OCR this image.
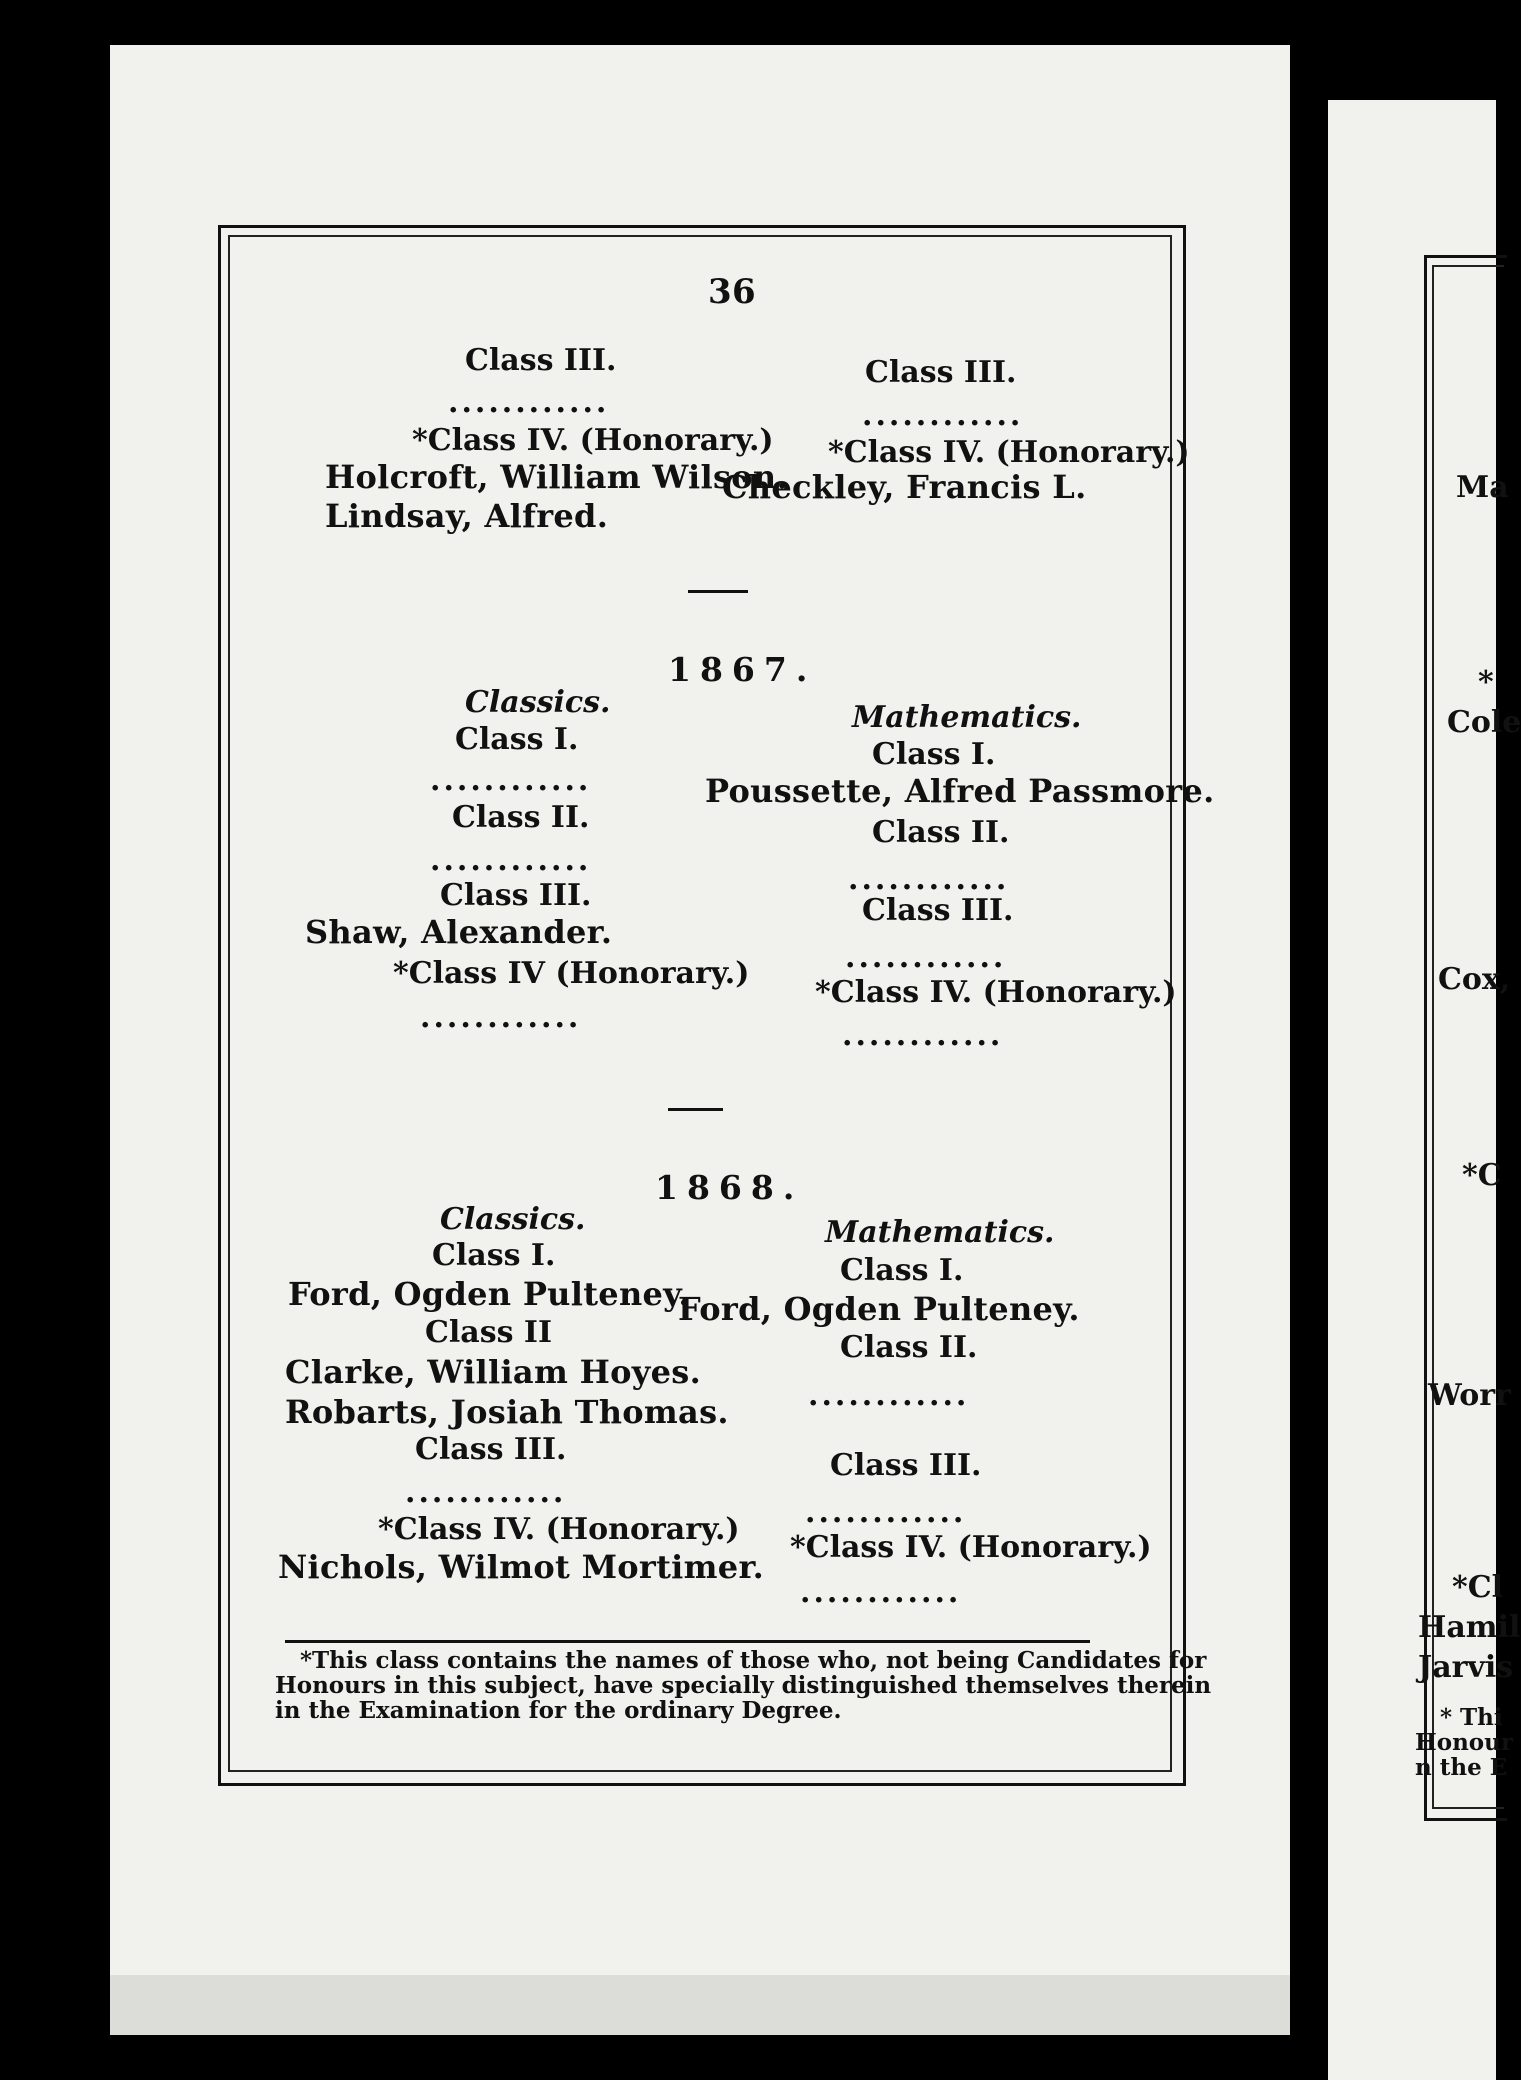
36
Class III.
............
*Class IV. (Honorary.)
Holcroft, William Wilson.
Lindsay, Alfred.
Class III.
............
*Class IV. (Honorary.)
Checkley, Francis L.
1867.
Classics.
Class I.
............
Class II.
............
Class III.
Shaw, Alexander.
*Class IV (Honorary.)
............
Mathematics.
Class I.
Poussette, Alfred Passmore.
Class II.
............
Class III.
............
*Class IV. (Honorary.)
............
1868.
Classics.
Class I.
Ford, Ogden Pulteney.
Class II
Clarke, William Hoyes.
Robarts, Josiah Thomas.
Class III.
............
*Class IV. (Honorary.)
Nichols, Wilmot Mortimer.
Mathematics.
Class I.
Ford, Ogden Pulteney.
Class II.
............
Class III.
............
*Class IV. (Honorary.)
............
*This class contains the names of those who, not being Candidates for
Honours in this subject, have specially distinguished themselves therein
in the Examination for the ordinary Degree.
Ma
*
Cole
Cox,
*C
Worr
*Cl
Hamil
Jarvis
* Thi
Honour
n the E
